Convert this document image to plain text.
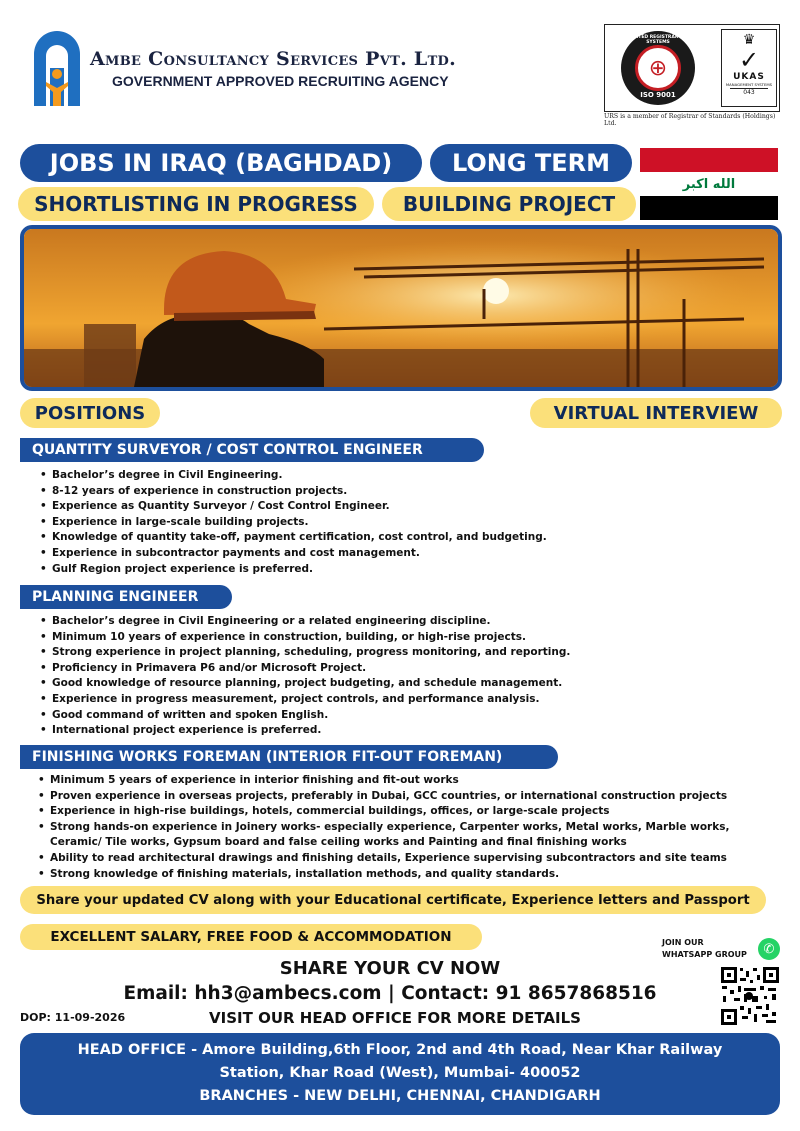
Ambe Consultancy Services Pvt. Ltd.
GOVERNMENT APPROVED RECRUITING AGENCY
⊕
ISO 9001
UNITED REGISTRAR OF SYSTEMS	♛
✓
UKAS
MANAGEMENT SYSTEMS
043
URS is a member of Registrar of Standards (Holdings) Ltd.
JOBS IN IRAQ (BAGHDAD)	LONG TERM
SHORTLISTING IN PROGRESS	BUILDING PROJECT
الله اكبر
POSITIONS	VIRTUAL INTERVIEW
QUANTITY SURVEYOR / COST CONTROL ENGINEER
• Bachelor’s degree in Civil Engineering.
• 8-12 years of experience in construction projects.
• Experience as Quantity Surveyor / Cost Control Engineer.
• Experience in large-scale building projects.
• Knowledge of quantity take-off, payment certification, cost control, and budgeting.
• Experience in subcontractor payments and cost management.
• Gulf Region project experience is preferred.
PLANNING ENGINEER
• Bachelor’s degree in Civil Engineering or a related engineering discipline.
• Minimum 10 years of experience in construction, building, or high-rise projects.
• Strong experience in project planning, scheduling, progress monitoring, and reporting.
• Proficiency in Primavera P6 and/or Microsoft Project.
• Good knowledge of resource planning, project budgeting, and schedule management.
• Experience in progress measurement, project controls, and performance analysis.
• Good command of written and spoken English.
• International project experience is preferred.
FINISHING WORKS FOREMAN (INTERIOR FIT-OUT FOREMAN)
• Minimum 5 years of experience in interior finishing and fit-out works
• Proven experience in overseas projects, preferably in Dubai, GCC countries, or international construction projects
• Experience in high-rise buildings, hotels, commercial buildings, offices, or large-scale projects
• Strong hands-on experience in Joinery works- especially experience, Carpenter works, Metal works, Marble works, Ceramic/ Tile works, Gypsum board and false ceiling works and Painting and final finishing works
• Ability to read architectural drawings and finishing details, Experience supervising subcontractors and site teams
• Strong knowledge of finishing materials, installation methods, and quality standards.
Share your updated CV along with your Educational certificate, Experience letters and Passport
EXCELLENT SALARY, FREE FOOD & ACCOMMODATION	JOIN OUR
WHATSAPP GROUP	✆
SHARE YOUR CV NOW
Email: hh3@ambecs.com | Contact: 91 8657868516
VISIT OUR HEAD OFFICE FOR MORE DETAILS
DOP: 11-09-2026
HEAD OFFICE - Amore Building,6th Floor, 2nd and 4th Road, Near Khar Railway
Station, Khar Road (West), Mumbai- 400052
BRANCHES - NEW DELHI, CHENNAI, CHANDIGARH
